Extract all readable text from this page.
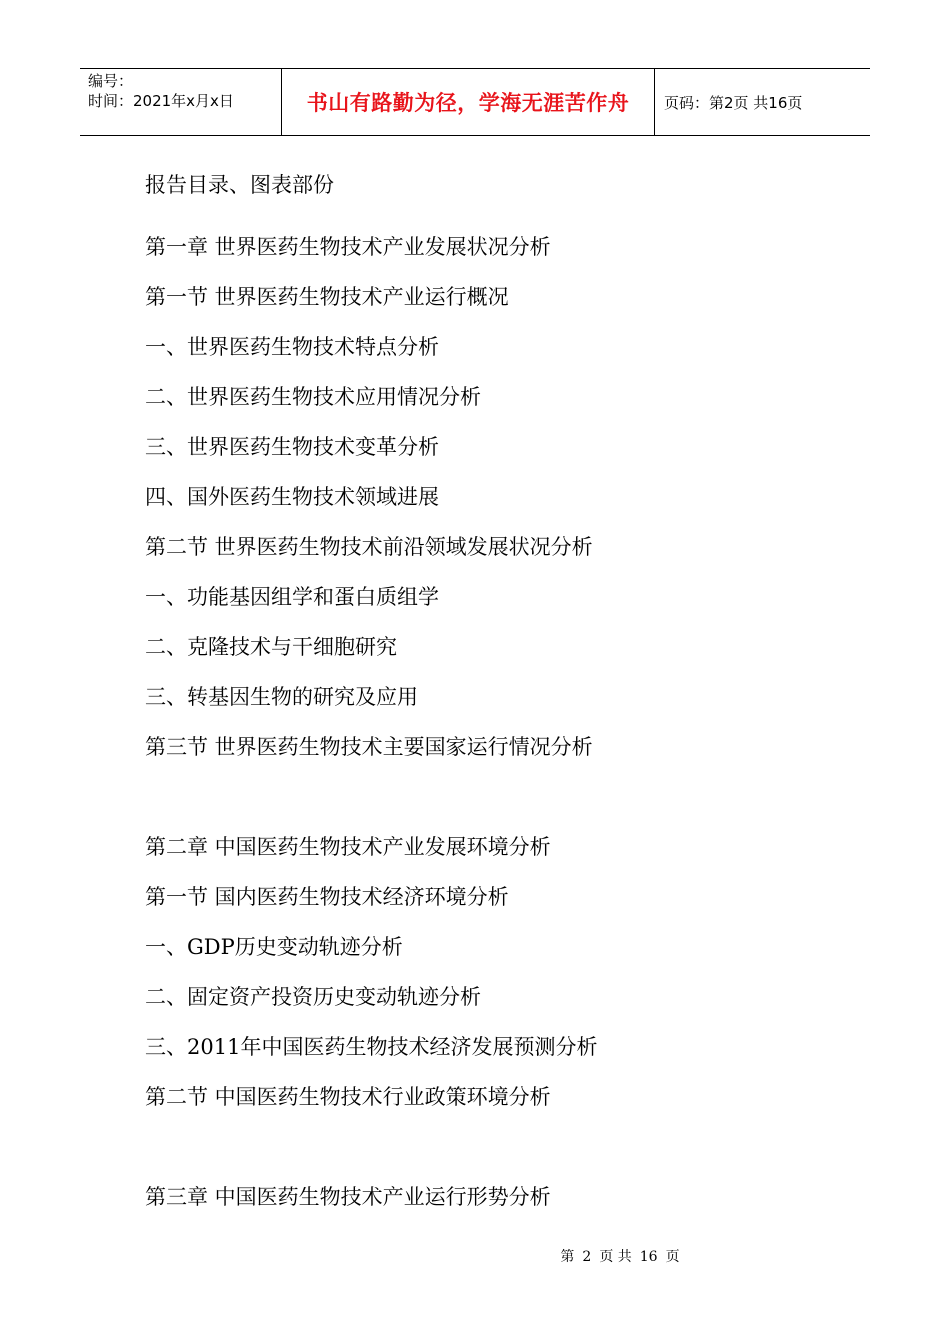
编号：
时间：2021年x月x日	书山有路勤为径，学海无涯苦作舟	页码：第2页 共16页
报告目录、图表部份
第一章 世界医药生物技术产业发展状况分析
第一节 世界医药生物技术产业运行概况
一、世界医药生物技术特点分析
二、世界医药生物技术应用情况分析
三、世界医药生物技术变革分析
四、国外医药生物技术领域进展
第二节 世界医药生物技术前沿领域发展状况分析
一、功能基因组学和蛋白质组学
二、克隆技术与干细胞研究
三、转基因生物的研究及应用
第三节 世界医药生物技术主要国家运行情况分析
第二章 中国医药生物技术产业发展环境分析
第一节 国内医药生物技术经济环境分析
一、GDP历史变动轨迹分析
二、固定资产投资历史变动轨迹分析
三、2011年中国医药生物技术经济发展预测分析
第二节 中国医药生物技术行业政策环境分析
第三章 中国医药生物技术产业运行形势分析
第 2 页 共 16 页
